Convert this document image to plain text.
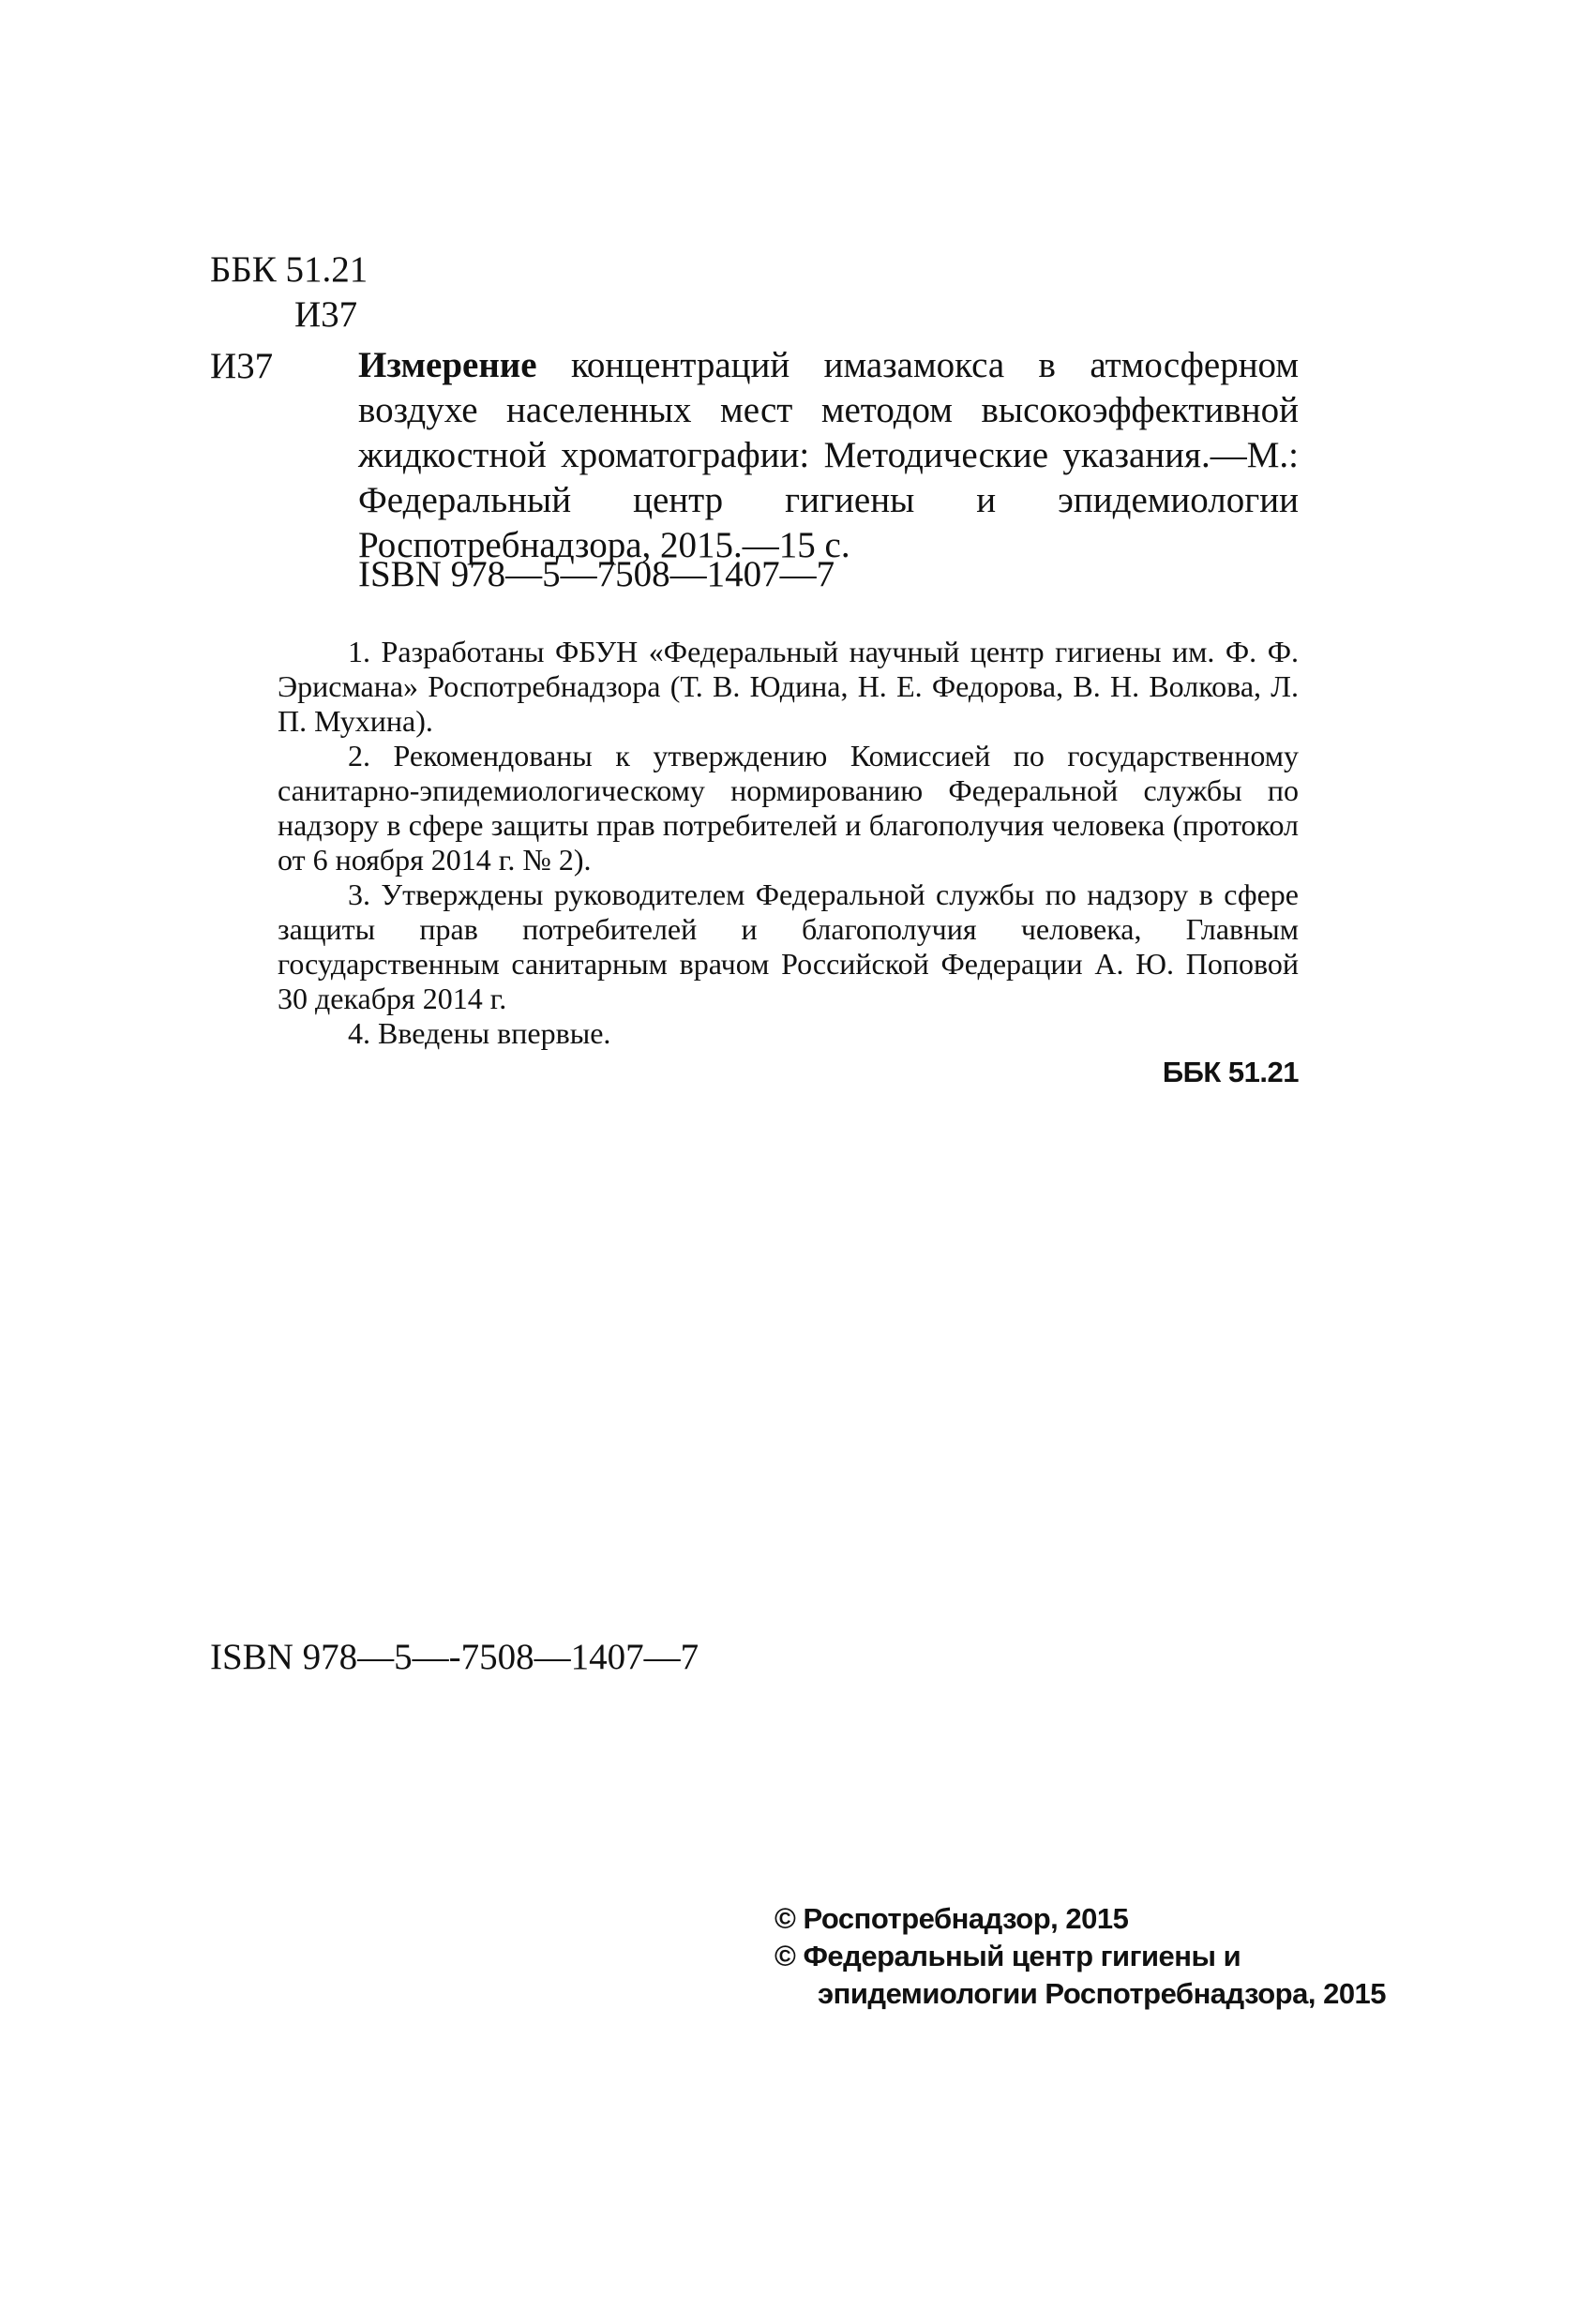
ББК 51.21
И37
И37 Измерение концентраций имазамокса в атмосферном воздухе населенных мест методом высокоэффективной жидкостной хроматографии: Методические указания.—М.: Федеральный центр гигиены и эпидемиологии Роспотребнадзора, 2015.—15 с.
ISBN 978—5—7508—1407—7

1. Разработаны ФБУН «Федеральный научный центр гигиены им. Ф. Ф. Эрисмана» Роспотребнадзора (Т. В. Юдина, Н. Е. Федорова, В. Н. Волкова, Л. П. Мухина).

2. Рекомендованы к утверждению Комиссией по государственному санитарно-эпидемиологическому нормированию Федеральной службы по надзору в сфере защиты прав потребителей и благополучия человека (протокол от 6 ноября 2014 г. № 2).

3. Утверждены руководителем Федеральной службы по надзору в сфере защиты прав потребителей и благополучия человека, Главным государственным санитарным врачом Российской Федерации А. Ю. Поповой 30 декабря 2014 г.

4. Введены впервые.

ББК 51.21
ISBN 978—5—-7508—1407—7
© Роспотребнадзор, 2015
© Федеральный центр гигиены и
эпидемиологии Роспотребнадзора, 2015
